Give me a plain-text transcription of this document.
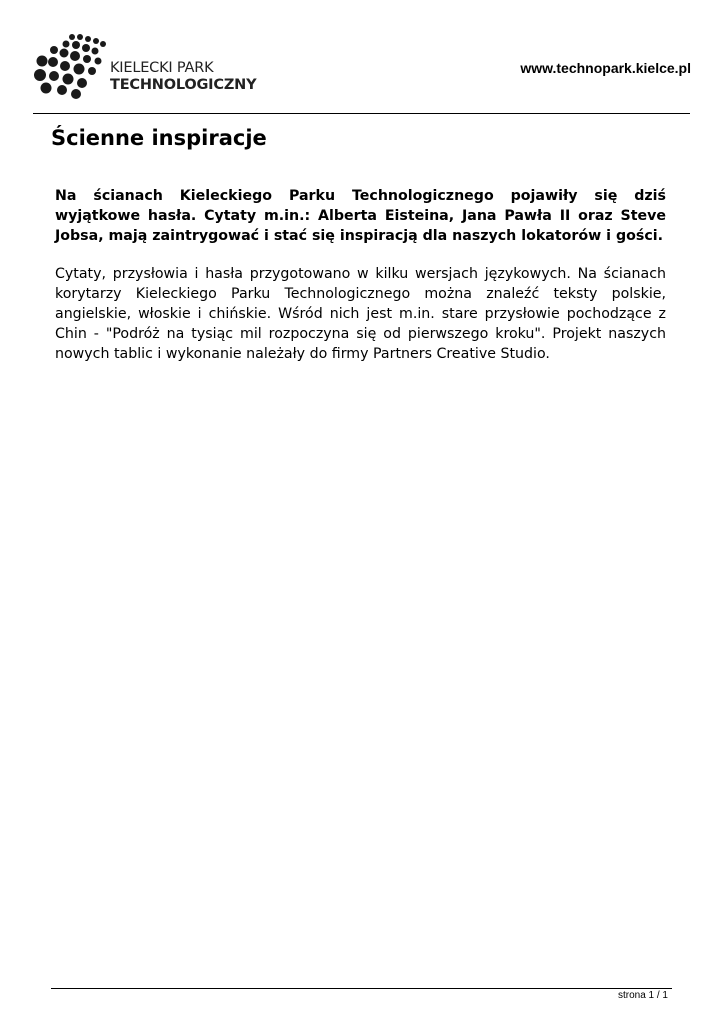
KIELECKI PARK
TECHNOLOGICZNY
www.technopark.kielce.pl
Ścienne inspiracje

Na ścianach Kieleckiego Parku Technologicznego pojawiły się dziś wyjątkowe hasła. Cytaty m.in.: Alberta Eisteina, Jana Pawła II oraz Steve Jobsa, mają zaintrygować i stać się inspiracją dla naszych lokatorów i gości.

Cytaty, przysłowia i hasła przygotowano w kilku wersjach językowych. Na ścianach korytarzy Kieleckiego Parku Technologicznego można znaleźć teksty polskie, angielskie, włoskie i chińskie. Wśród nich jest m.in. stare przysłowie pochodzące z Chin - "Podróż na tysiąc mil rozpoczyna się od pierwszego kroku". Projekt naszych nowych tablic i wykonanie należały do firmy Partners Creative Studio.

strona 1 / 1
